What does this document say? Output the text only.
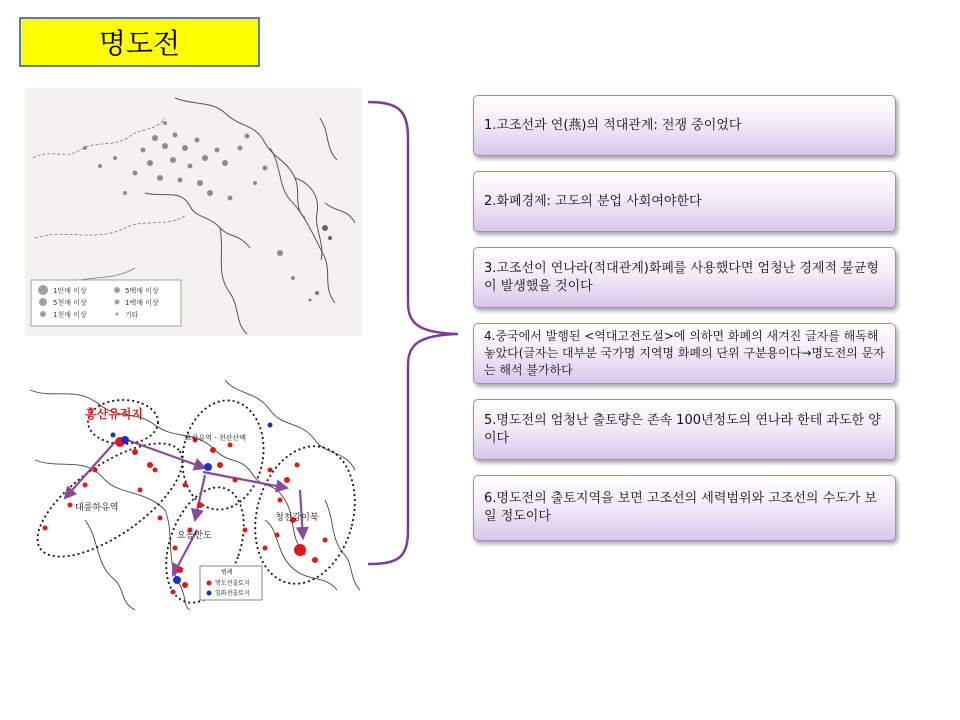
명도전
1만매 이상
5천매 이상
1천매 이상
5백매 이상
1백매 이상
기타
홍산유적지
요하유역 - 천산산맥
대릉하유역
요동반도
청천강이북
범례
명도전출토지
일화전출토지
1.고조선과 연(燕)의 적대관계: 전쟁 중이었다
2.화폐경제: 고도의 분업 사회여야한다
3.고조선이 연나라(적대관계)화폐를 사용했다면 엄청난 경제적 불균형이 발생했을 것이다
4.중국에서 발행된 <역대고전도설>에 의하면 화폐의 새겨진 글자를 해독해 놓았다(글자는 대부분 국가명 지역명 화폐의 단위 구분용이다→명도전의 문자는 해석 불가하다
5.명도전의 엄청난 출토량은 존속 100년정도의 연나라 한테 과도한 양이다
6.명도전의 출토지역을 보면 고조선의 세력범위와 고조선의 수도가 보일 정도이다
